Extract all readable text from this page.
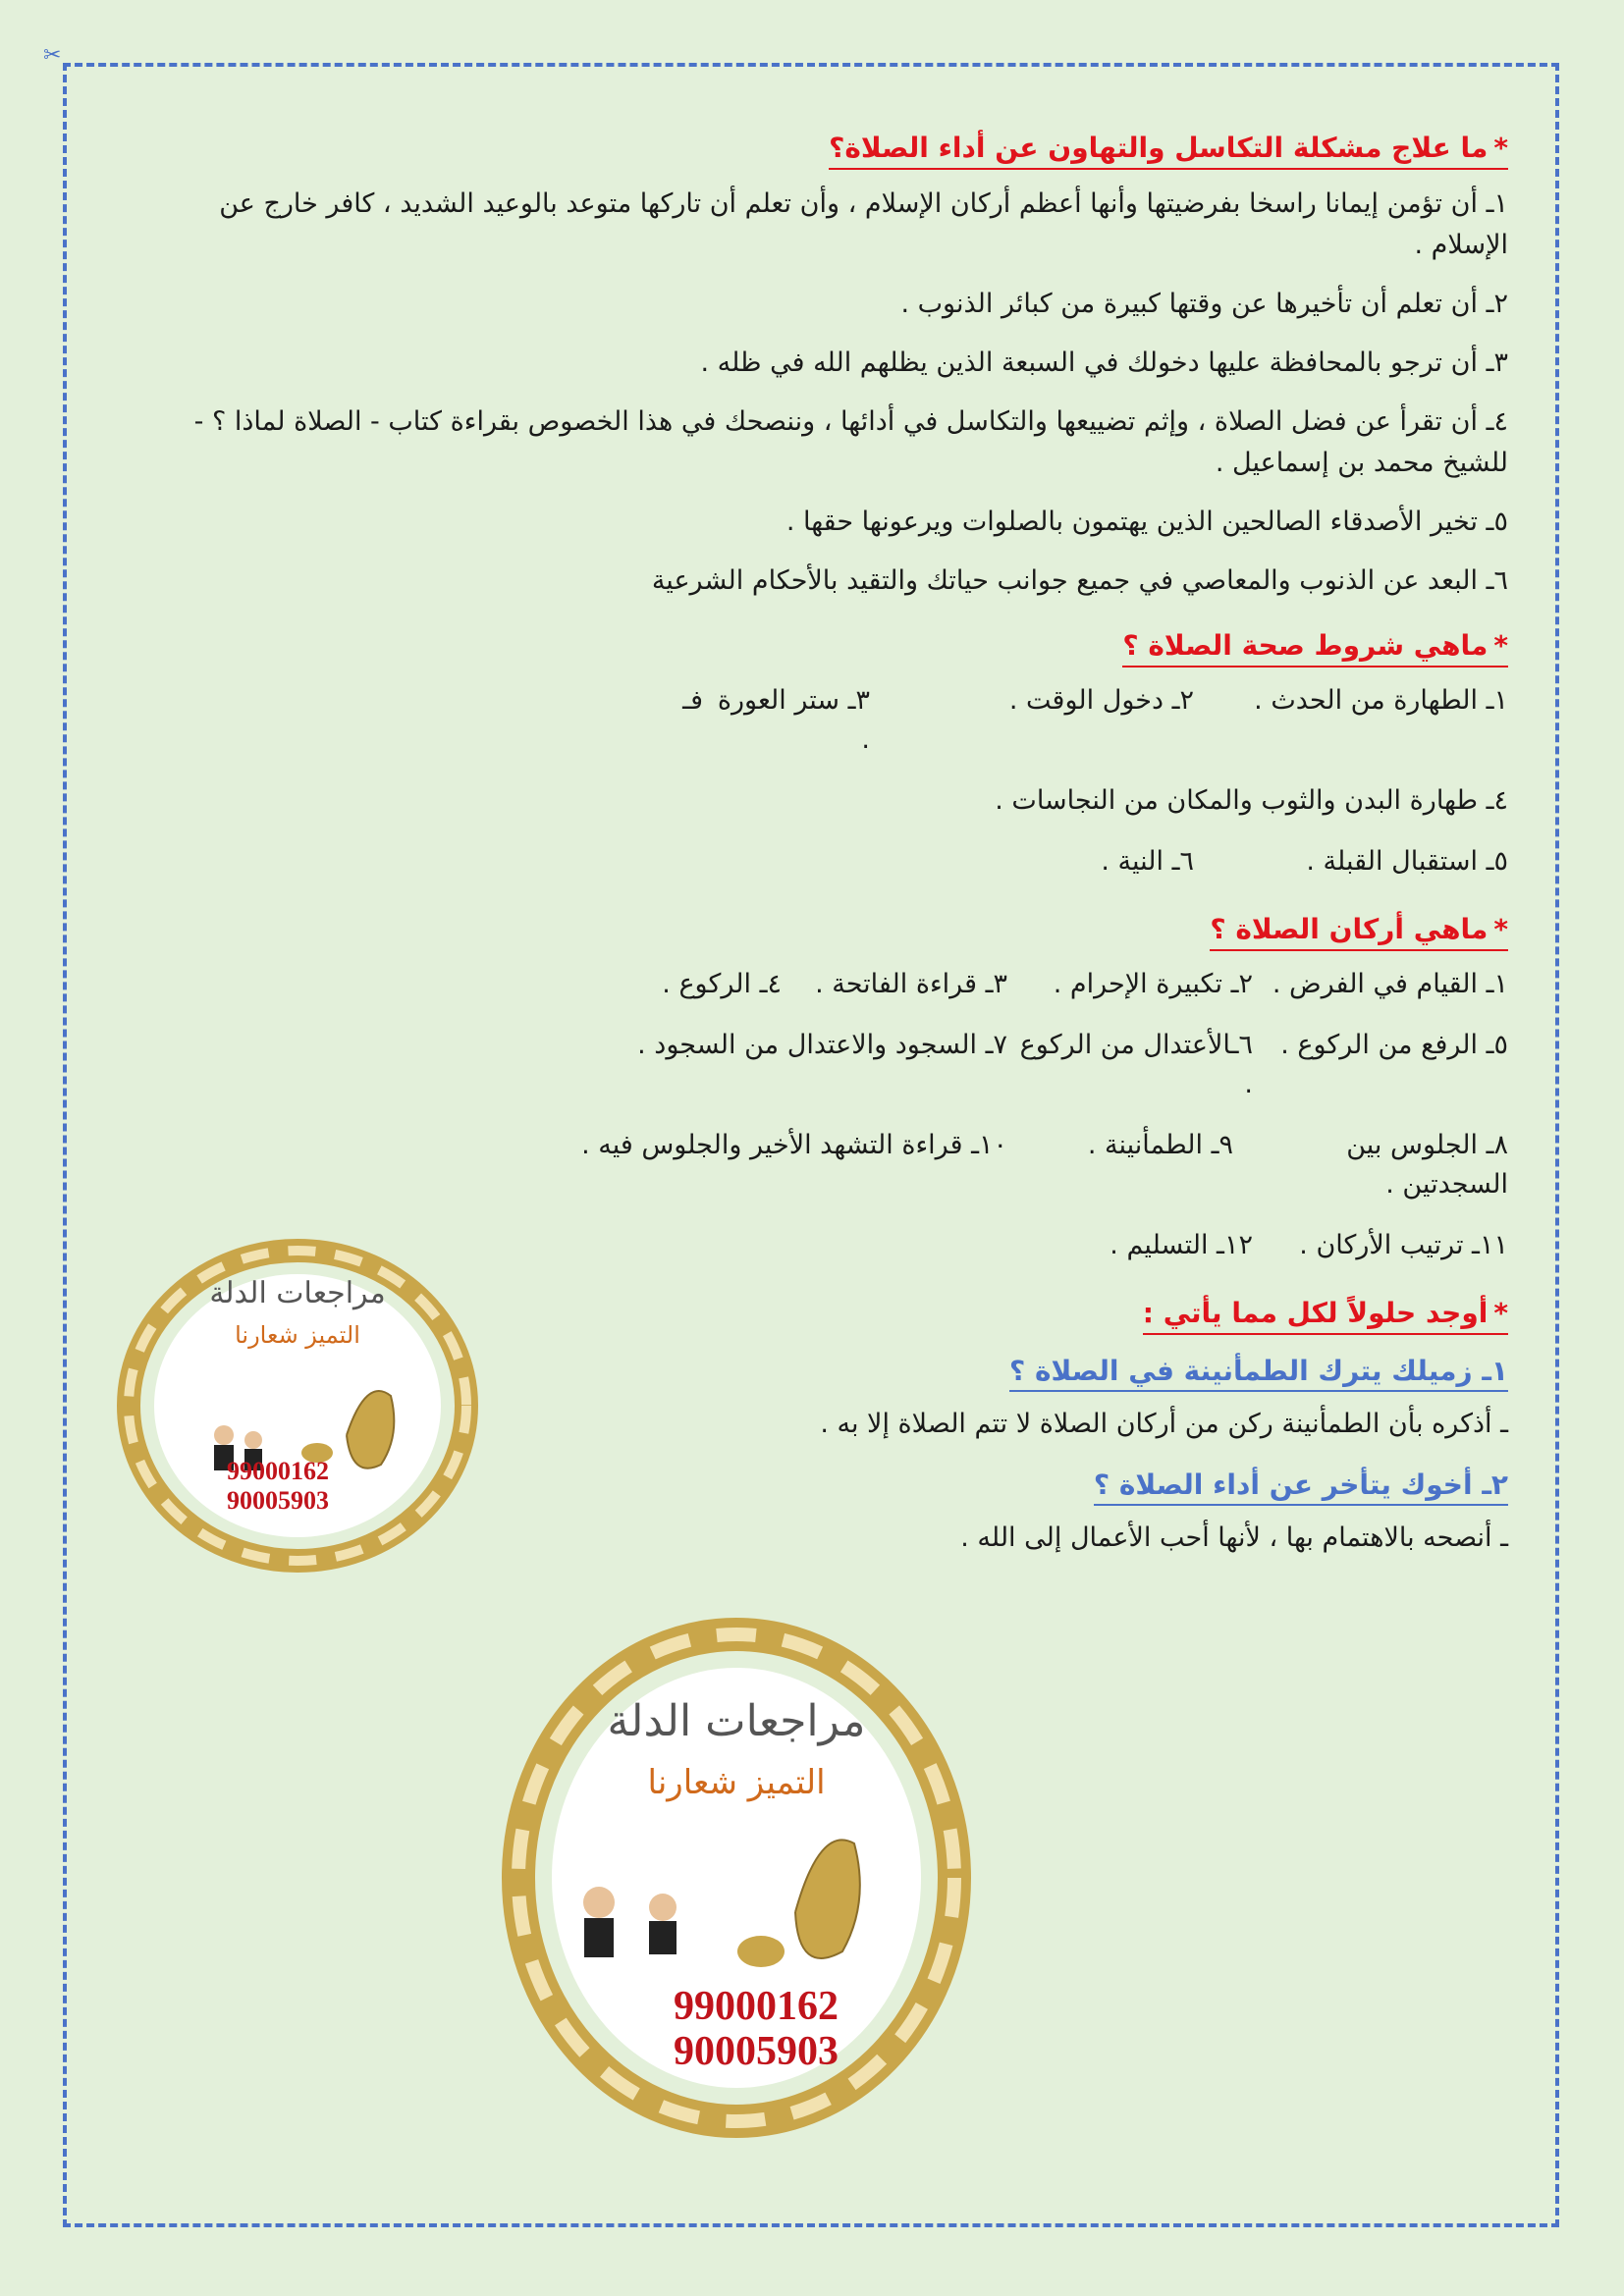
✂
*ما علاج مشكلة التكاسل والتهاون عن أداء الصلاة؟

١ـ أن تؤمن إيمانا راسخا بفرضيتها وأنها أعظم أركان الإسلام ، وأن تعلم أن تاركها متوعد بالوعيد الشديد ، كافر خارج عن الإسلام .

٢ـ أن تعلم أن تأخيرها عن وقتها كبيرة من كبائر الذنوب .

٣ـ أن ترجو بالمحافظة عليها دخولك في السبعة الذين يظلهم الله في ظله .

٤ـ أن تقرأ عن فضل الصلاة ، وإثم تضييعها والتكاسل في أدائها ، وننصحك في هذا الخصوص بقراءة كتاب - الصلاة لماذا ؟ - للشيخ محمد بن إسماعيل .

٥ـ تخير الأصدقاء الصالحين الذين يهتمون بالصلوات ويرعونها حقها .

٦ـ البعد عن الذنوب والمعاصي في جميع جوانب حياتك والتقيد بالأحكام الشرعية

*ماهي شروط صحة الصلاة ؟
١ـ الطهارة من الحدث .
٢ـ دخول الوقت .
٣ـ ستر العورة .
فـ
٤ـ طهارة البدن والثوب والمكان من النجاسات .
٥ـ استقبال القبلة .
٦ـ النية .
*ماهي أركان الصلاة ؟
١ـ القيام في الفرض .
٢ـ تكبيرة الإحرام .
٣ـ قراءة الفاتحة .
٤ـ الركوع .
٥ـ الرفع من الركوع .
٦ـالأعتدال من الركوع .
٧ـ السجود والاعتدال من السجود .
٨ـ الجلوس بين السجدتين .
٩ـ الطمأنينة .
١٠ـ قراءة التشهد الأخير والجلوس فيه .
١١ـ ترتيب الأركان .
١٢ـ التسليم .
*أوجد حلولاً لكل مما يأتي :
١ـ زميلك يترك الطمأنينة في الصلاة ؟

ـ أذكره بأن الطمأنينة ركن من أركان الصلاة لا تتم الصلاة إلا به .

٢ـ أخوك يتأخر عن أداء الصلاة ؟

ـ أنصحه بالاهتمام بها ، لأنها أحب الأعمال إلى الله .

مراجعات الدلة
التميز شعارنا
99000162
90005903
مراجعات الدلة
التميز شعارنا
99000162
90005903
